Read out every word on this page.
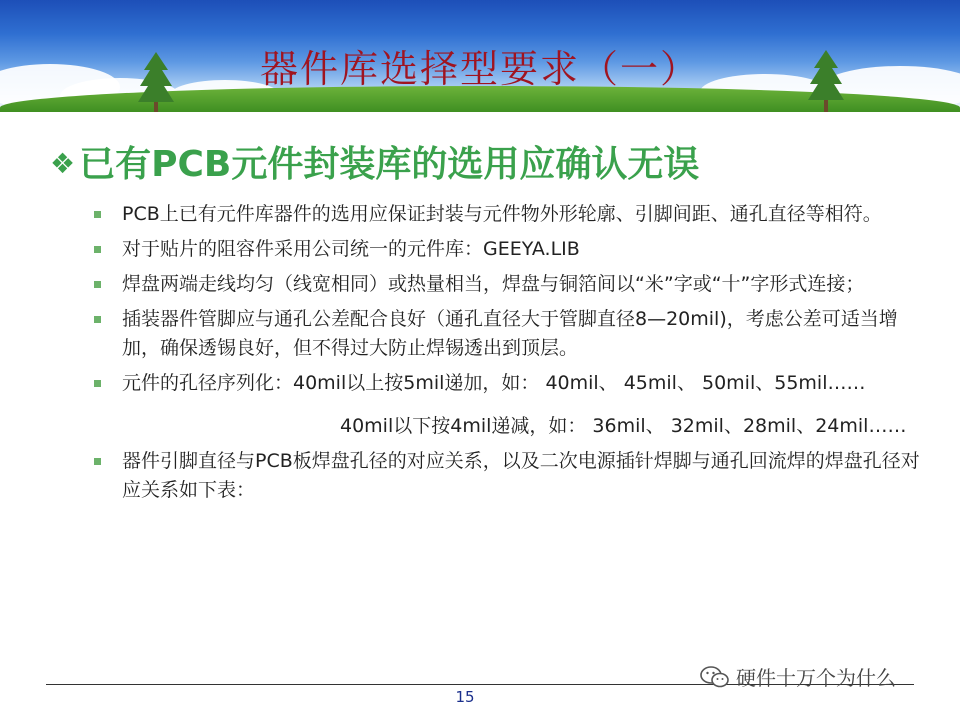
器件库选择型要求（一）
❖ 已有PCB元件封装库的选用应确认无误
PCB上已有元件库器件的选用应保证封装与元件物外形轮廓、引脚间距、通孔直径等相符。
对于贴片的阻容件采用公司统一的元件库：GEEYA.LIB
焊盘两端走线均匀（线宽相同）或热量相当，焊盘与铜箔间以“米”字或“十”字形式连接；
插装器件管脚应与通孔公差配合良好（通孔直径大于管脚直径8—20mil)，考虑公差可适当增加，确保透锡良好，但不得过大防止焊锡透出到顶层。
元件的孔径序列化：40mil以上按5mil递加，如： 40mil、 45mil、 50mil、55mil……
40mil以下按4mil递减，如： 36mil、 32mil、28mil、24mil……
器件引脚直径与PCB板焊盘孔径的对应关系，以及二次电源插针焊脚与通孔回流焊的焊盘孔径对应关系如下表：
15
硬件十万个为什么
